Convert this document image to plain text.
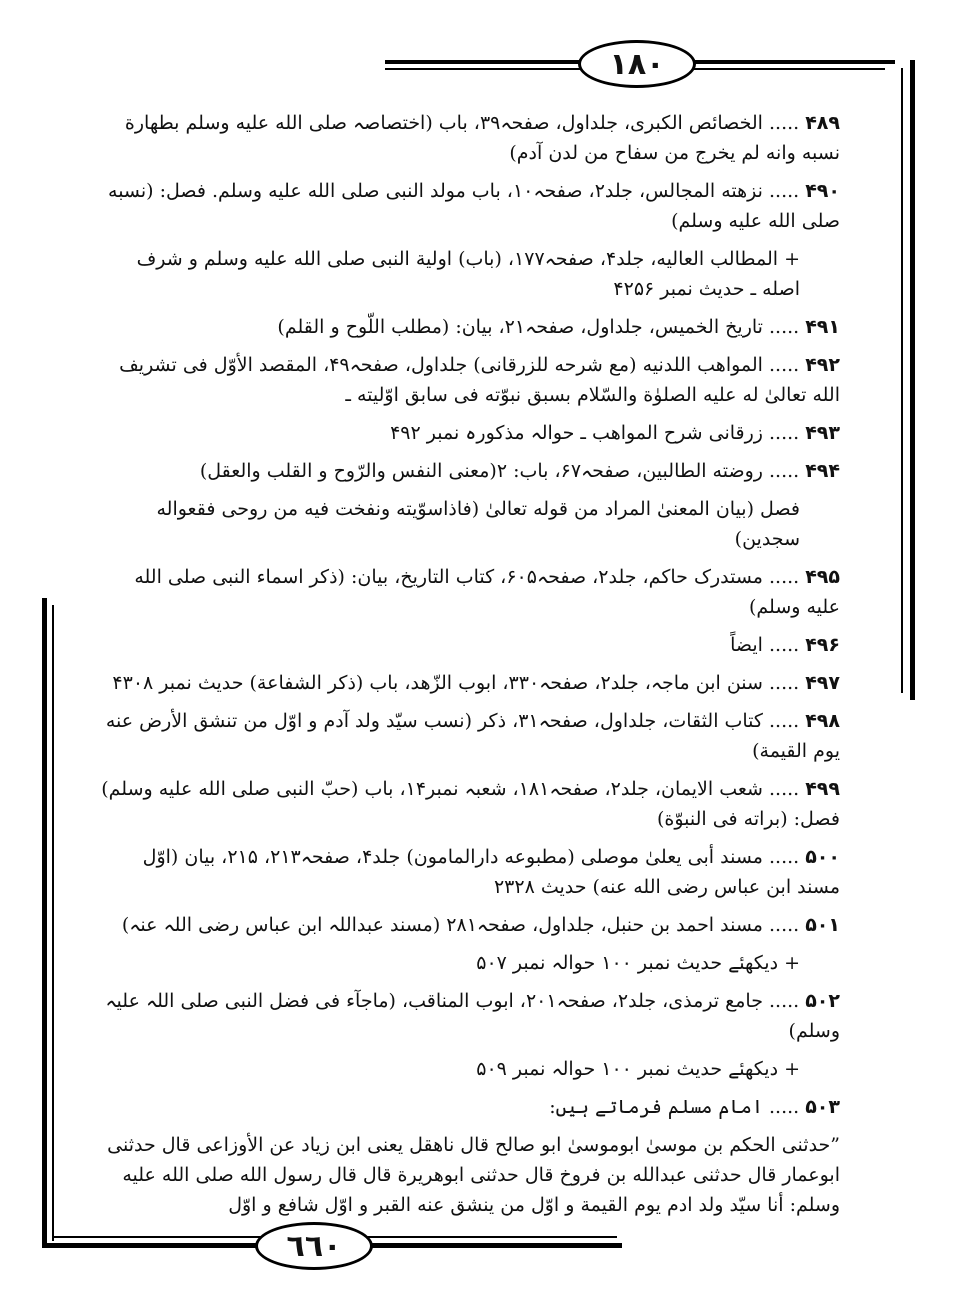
۱۸۰
٦٦٠

۴۸۹..... الخصائص الکبری، جلداول، صفحہ۳۹، باب (اختصاصہ صلی الله علیه وسلم بطهارة نسبه وانه لم یخرج من سفاح من لدن آدم)

۴۹۰..... نزهته المجالس، جلد۲، صفحہ۱۰، باب مولد النبی صلی الله علیه وسلم. فصل: (نسبه صلی الله علیه وسلم)

+ المطالب العالیه، جلد۴، صفحہ۱۷۷، (باب) اولیة النبی صلی الله علیه وسلم و شرف اصله ـ حدیث نمبر ۴۲۵۶

۴۹۱..... تاریخ الخمیس، جلداول، صفحہ۲۱، بیان: (مطلب اللّوح و القلم)

۴۹۲..... المواهب اللدنیه (مع شرحه للزرقانی) جلداول، صفحہ۴۹، المقصد الأوّل فی تشریف الله تعالیٰ له علیه الصلوٰة والسّلام بسبق نبوّته فی سابق اوّلیته ـ

۴۹۳..... زرقانی شرح المواهب ـ حوالہ مذکورہ نمبر ۴۹۲

۴۹۴..... روضته الطالبین، صفحہ۶۷، باب: ۲(معنی النفس والرّوح و القلب والعقل)

فصل (بیان المعنیٰ المراد من قوله تعالیٰ (فاذاسوّیته ونفخت فیه من روحی فقعواله سجدین)

۴۹۵..... مستدرک حاکم، جلد۲، صفحہ۶۰۵، کتاب التاریخ، بیان: (ذکر اسماء النبی صلی الله علیه وسلم)

۴۹۶..... ایضاً

۴۹۷..... سنن ابن ماجہ، جلد۲، صفحہ۳۳۰، ابوب الزّهد، باب (ذکر الشفاعة) حدیث نمبر ۴۳۰۸

۴۹۸..... کتاب الثقات، جلداول، صفحہ۳۱، ذکر (نسب سیّد ولد آدم و اوّل من تنشق الأرض عنه یوم القیمة)

۴۹۹..... شعب الایمان، جلد۲، صفحہ۱۸۱، شعبہ نمبر۱۴، باب (حبّ النبی صلی الله علیه وسلم) فصل: (براته فی النبوّة)

۵۰۰..... مسند أبی یعلیٰ موصلی (مطبوعه دارالمامون) جلد۴، صفحہ۲۱۳، ۲۱۵، بیان (اوّل مسند ابن عباس رضی الله عنه) حدیث ۲۳۲۸

۵۰۱..... مسند احمد بن حنبل، جلداول، صفحہ۲۸۱ (مسند عبداللہ ابن عباس رضی اللہ عنہ)

+ دیکھئے حدیث نمبر ۱۰۰ حوالہ نمبر ۵۰۷

۵۰۲..... جامع ترمذی، جلد۲، صفحہ۲۰۱، ابوب المناقب، (ماجآء فی فضل النبی صلی اللہ علیہ وسلم)

+ دیکھئے حدیث نمبر ۱۰۰ حوالہ نمبر ۵۰۹

۵۰۳..... امام مسلم فرماتے ہیں:

”حدثنی الحکم بن موسیٰ ابوموسیٰ ابو صالح قال ناهقل یعنی ابن زیاد عن الأوزاعی قال حدثنی ابوعمار قال حدثنی عبدالله بن فروخ قال حدثنی ابوهریرة قال قال رسول الله صلی الله علیه وسلم: أنا سیّد ولد ادم یوم القیمة و اوّل من ینشق عنه القبر و اوّل شافع و اوّل
